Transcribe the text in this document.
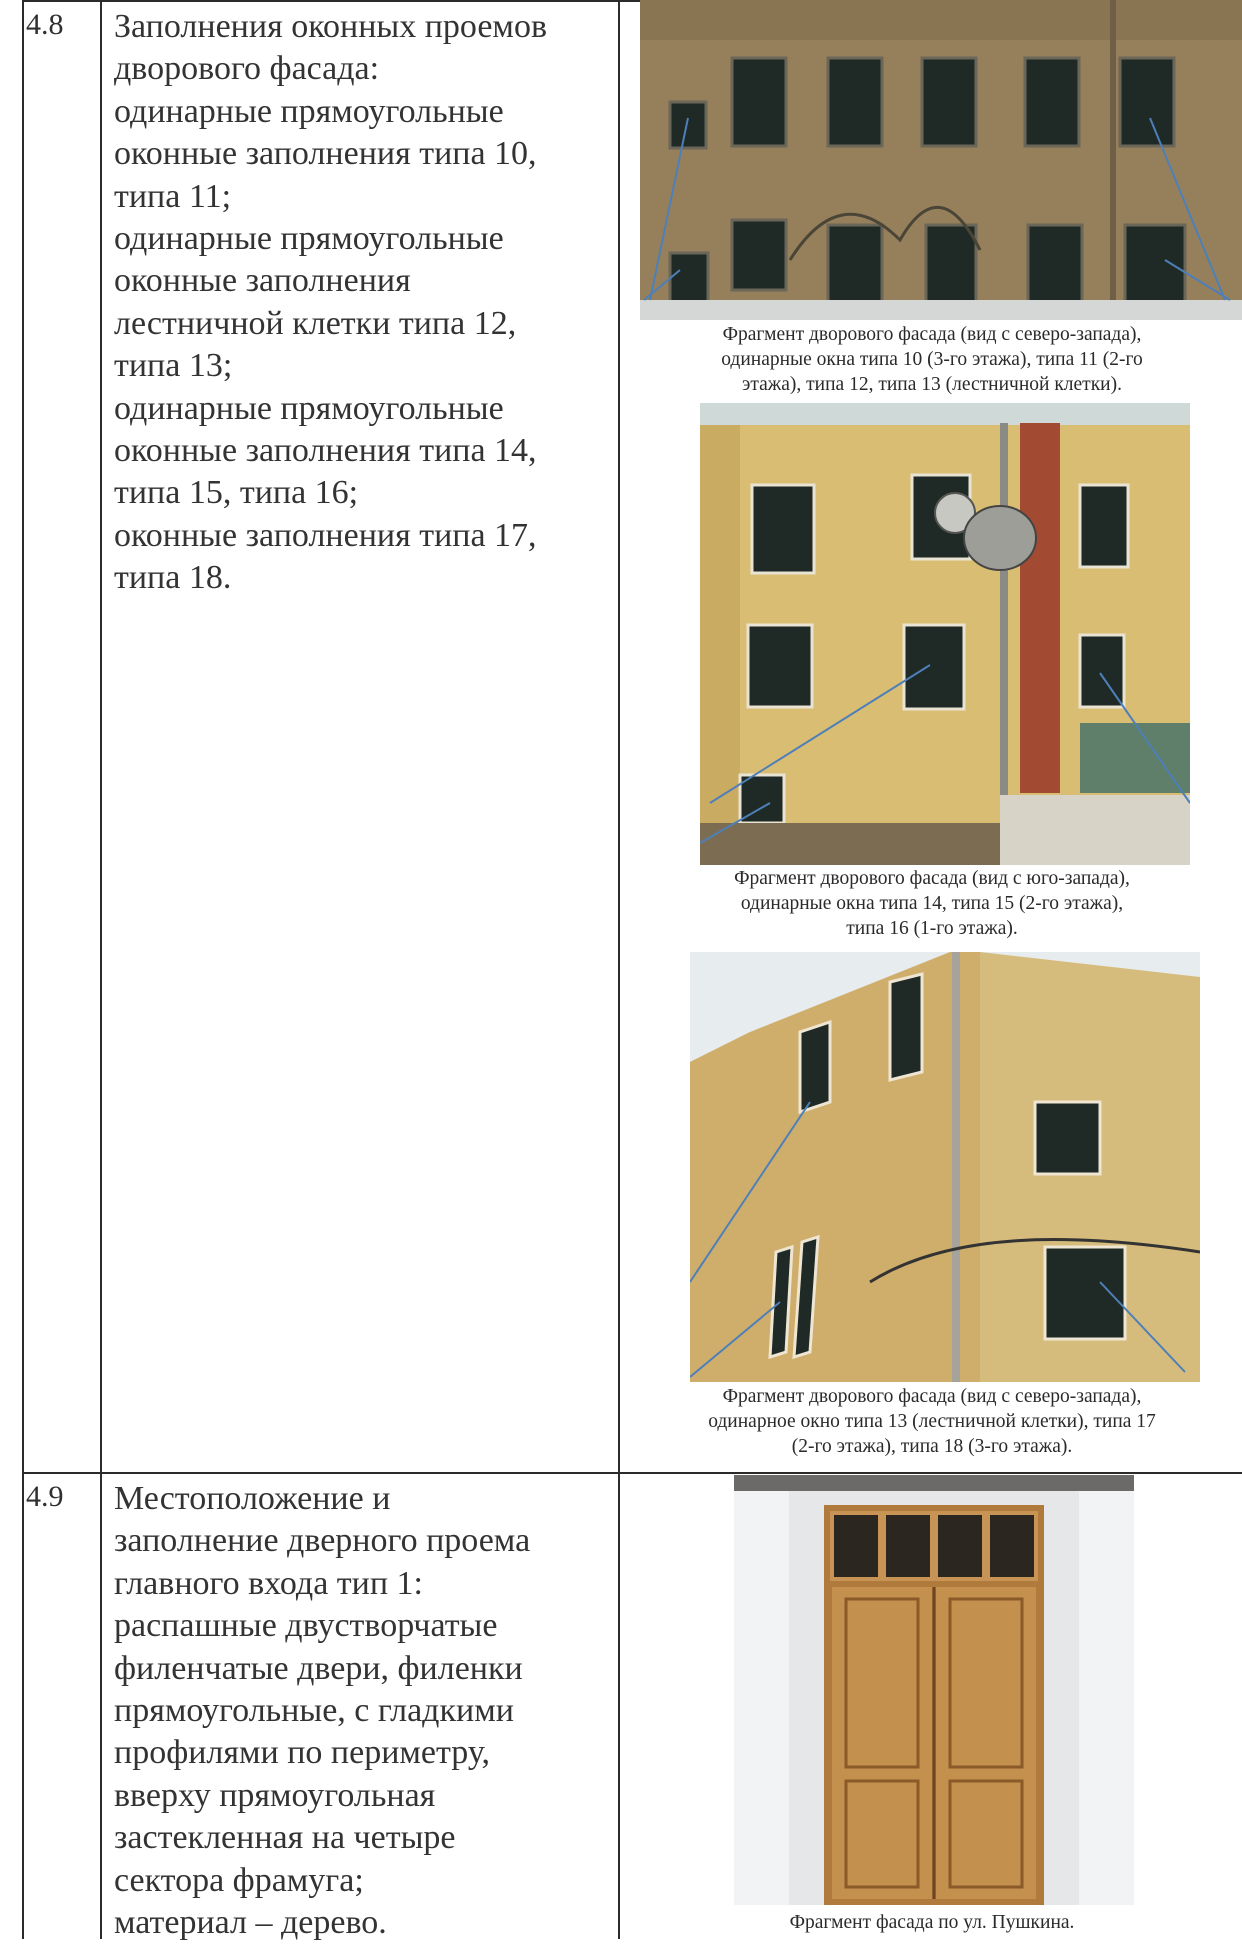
4.8 Заполнения оконных проемов
дворового фасада:
одинарные прямоугольные
оконные заполнения типа 10,
типа 11;
одинарные прямоугольные
оконные заполнения
лестничной клетки типа 12,
типа 13;
одинарные прямоугольные
оконные заполнения типа 14,
типа 15, типа 16;
оконные заполнения типа 17,
типа 18.
Фрагмент дворового фасада (вид с северо-запада),
одинарные окна типа 10 (3-го этажа), типа 11 (2-го
этажа), типа 12, типа 13 (лестничной клетки).
Фрагмент дворового фасада (вид с юго-запада),
одинарные окна типа 14, типа 15 (2-го этажа),
типа 16 (1-го этажа).
Фрагмент дворового фасада (вид с северо-запада),
одинарное окно типа 13 (лестничной клетки), типа 17
(2-го этажа), типа 18 (3-го этажа).
4.9 Местоположение и
заполнение дверного проема
главного входа тип 1:
распашные двустворчатые
филенчатые двери, филенки
прямоугольные, с гладкими
профилями по периметру,
вверху прямоугольная
застекленная на четыре
сектора фрамуга;
материал – дерево.	Фрагмент фасада по ул. Пушкина.
